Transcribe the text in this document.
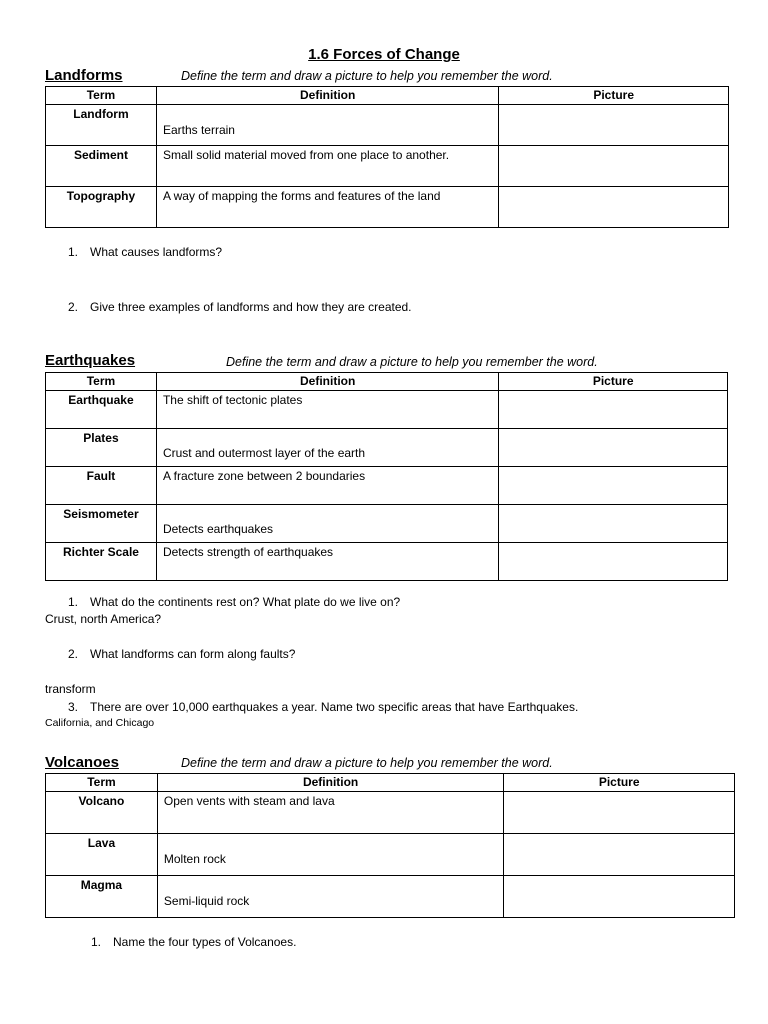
1.6 Forces of Change
Landforms	Define the term and draw a picture to help you remember the word.
Term	Definition	Picture
Landform	Earths terrain	
Sediment	Small solid material moved from one place to another.	
Topography	A way of mapping the forms and features of the land	
1. What causes landforms?
2. Give three examples of landforms and how they are created.
Earthquakes	Define the term and draw a picture to help you remember the word.
Term	Definition	Picture
Earthquake	The shift of tectonic plates	
Plates	Crust and outermost layer of the earth	
Fault	A fracture zone between 2 boundaries	
Seismometer	Detects earthquakes	
Richter Scale	Detects strength of earthquakes	
1. What do the continents rest on? What plate do we live on?
Crust, north America?
2. What landforms can form along faults?
transform
3. There are over 10,000 earthquakes a year. Name two specific areas that have Earthquakes.
California, and Chicago
Volcanoes	Define the term and draw a picture to help you remember the word.
Term	Definition	Picture
Volcano	Open vents with steam and lava	
Lava	Molten rock	
Magma	Semi-liquid rock	
1. Name the four types of Volcanoes.
